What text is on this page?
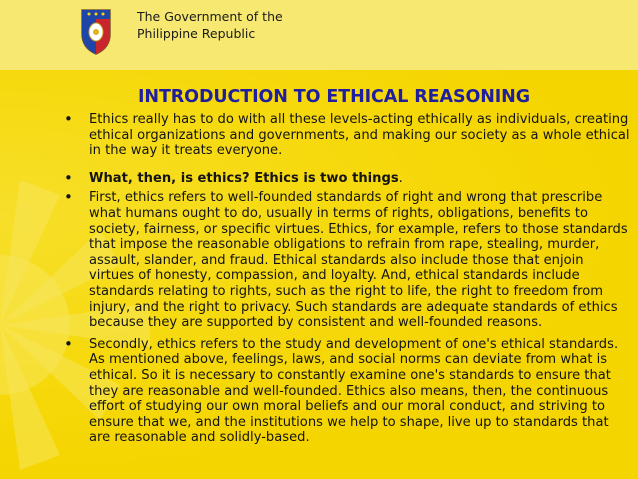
The Government of the
Philippine Republic
INTRODUCTION TO ETHICAL REASONING
• Ethics really has to do with all these levels-acting ethically as individuals, creating ethical organizations and governments, and making our society as a whole ethical in the way it treats everyone.
• What, then, is ethics? Ethics is two things.
• First, ethics refers to well-founded standards of right and wrong that prescribe what humans ought to do, usually in terms of rights, obligations, benefits to society, fairness, or specific virtues. Ethics, for example, refers to those standards that impose the reasonable obligations to refrain from rape, stealing, murder, assault, slander, and fraud. Ethical standards also include those that enjoin virtues of honesty, compassion, and loyalty. And, ethical standards include standards relating to rights, such as the right to life, the right to freedom from injury, and the right to privacy. Such standards are adequate standards of ethics because they are supported by consistent and well-founded reasons.
• Secondly, ethics refers to the study and development of one's ethical standards. As mentioned above, feelings, laws, and social norms can deviate from what is ethical. So it is necessary to constantly examine one's standards to ensure that they are reasonable and well-founded. Ethics also means, then, the continuous effort of studying our own moral beliefs and our moral conduct, and striving to ensure that we, and the institutions we help to shape, live up to standards that are reasonable and solidly-based.
